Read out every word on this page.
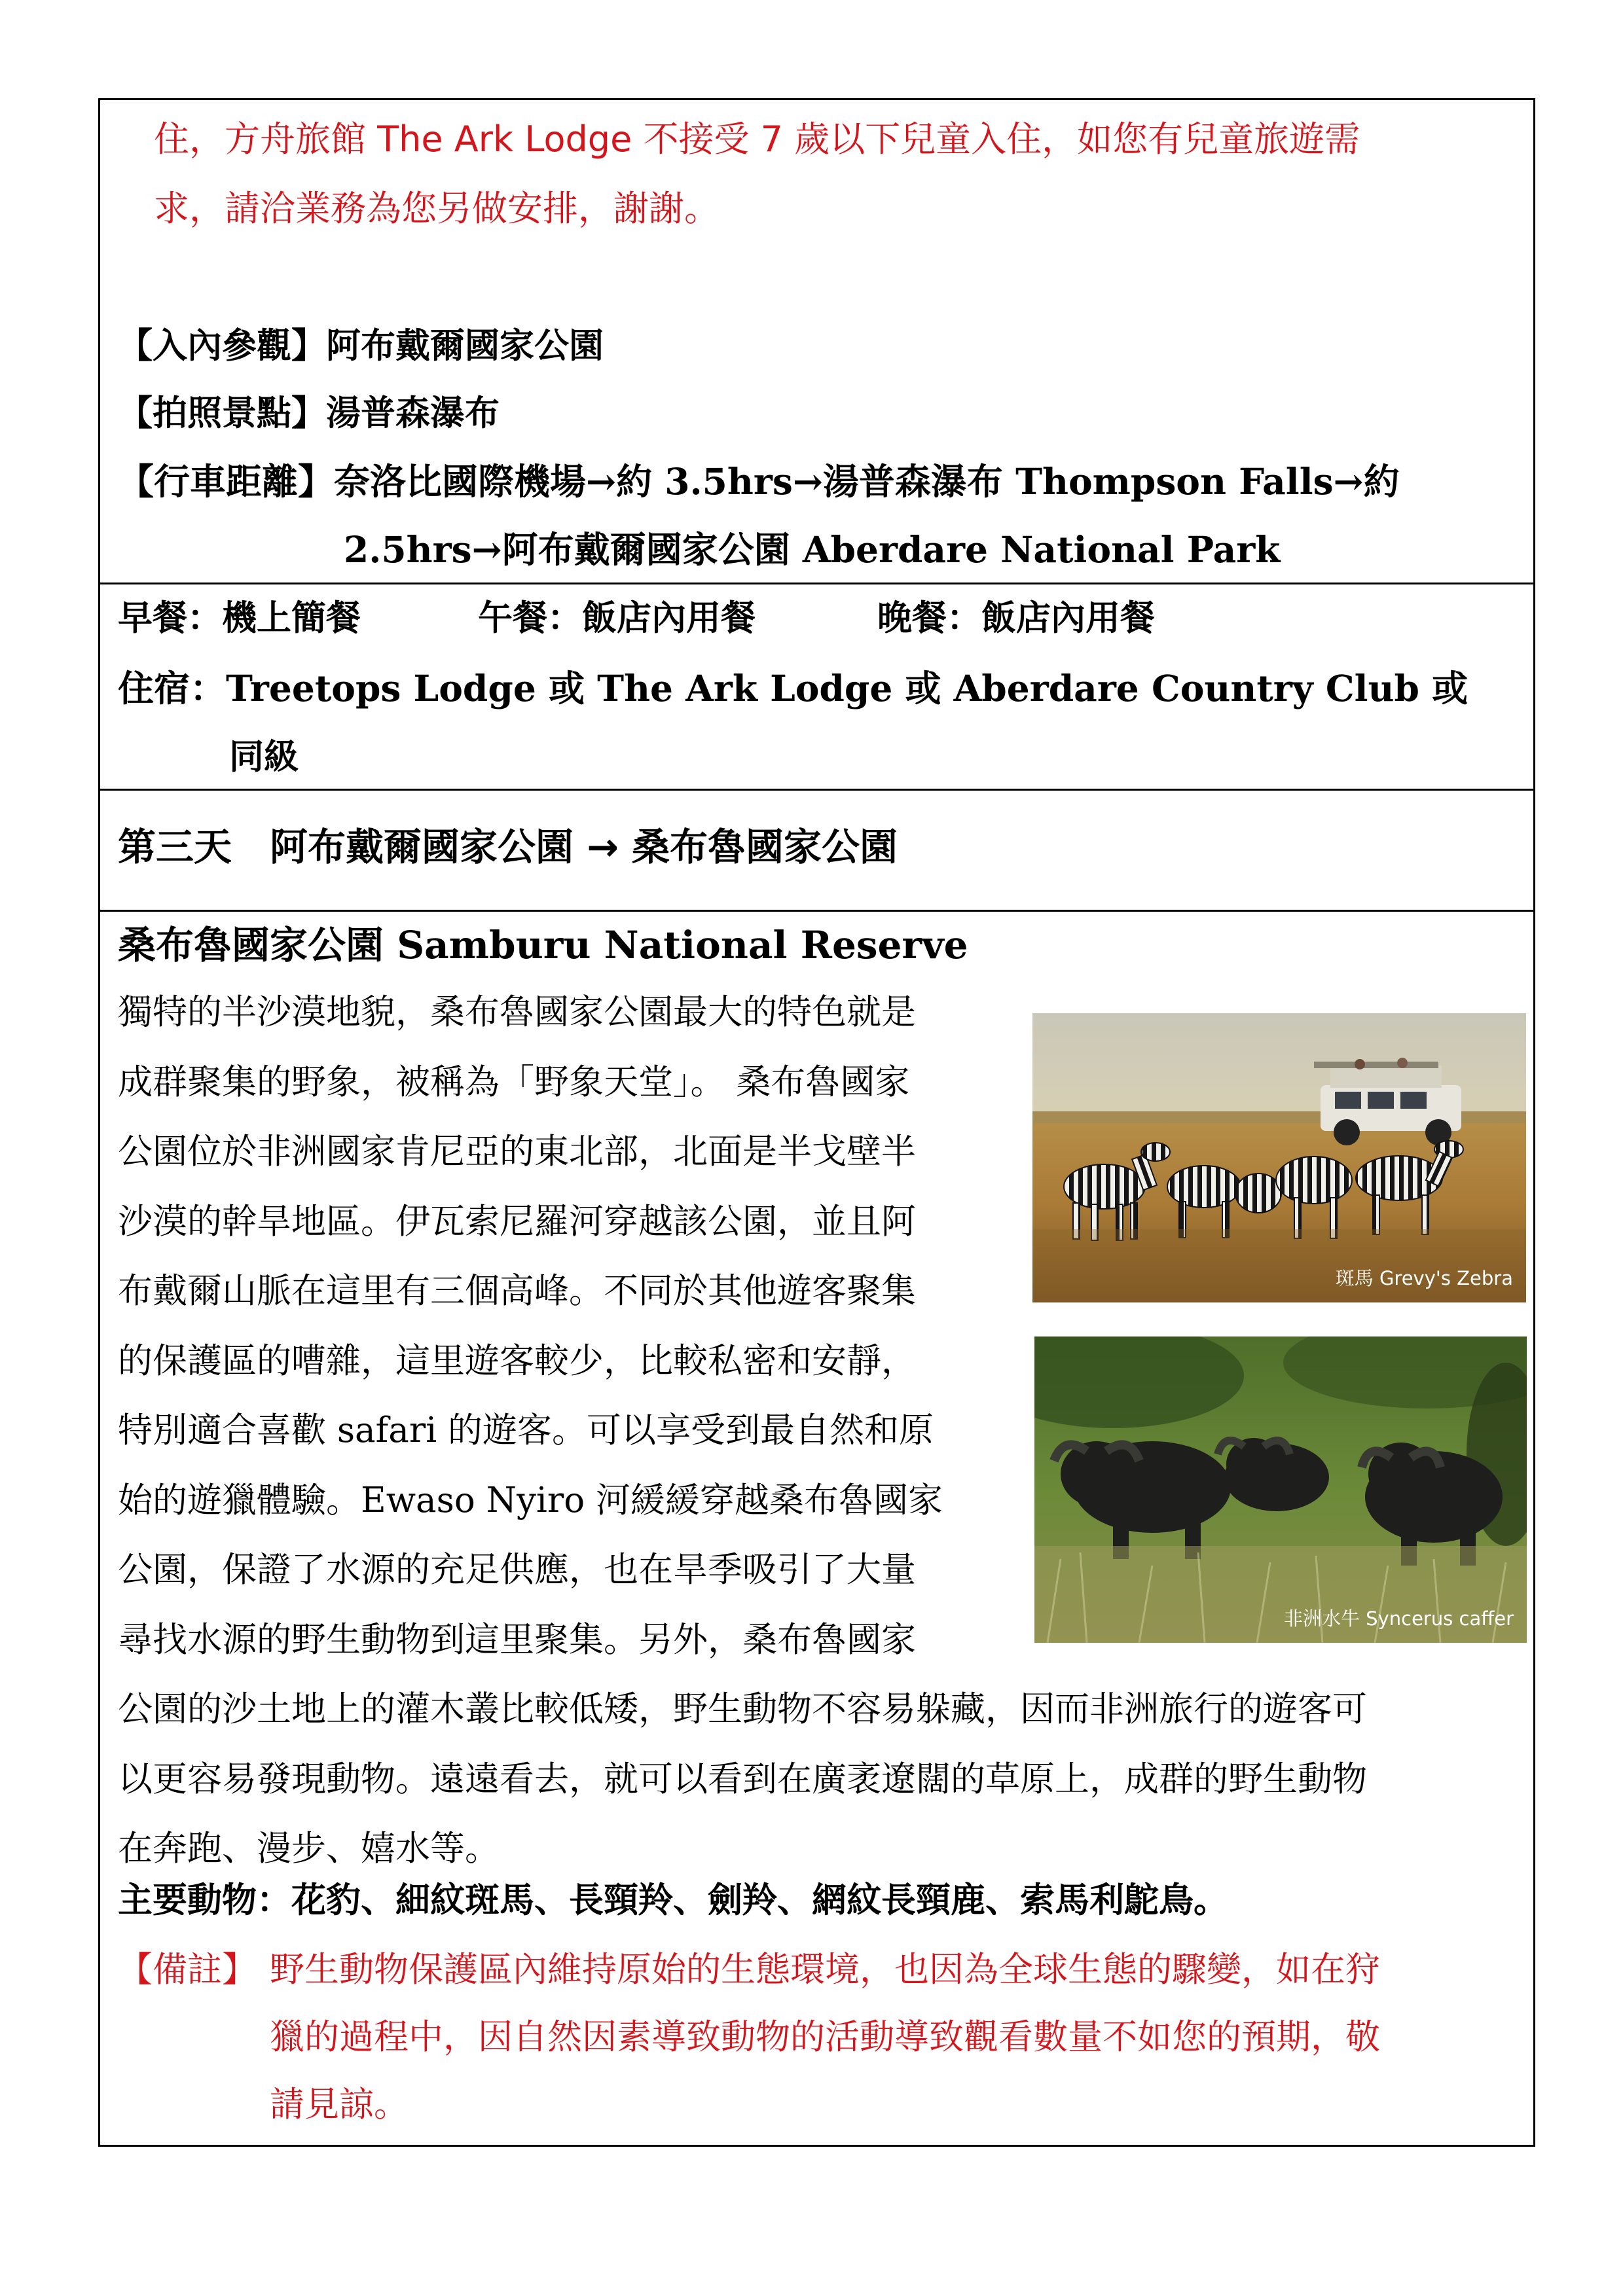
住，方舟旅館 The Ark Lodge 不接受 7 歲以下兒童入住，如您有兒童旅遊需
求，請洽業務為您另做安排，謝謝。
【入內參觀】阿布戴爾國家公園
【拍照景點】湯普森瀑布
【行車距離】奈洛比國際機場→約 3.5hrs→湯普森瀑布 Thompson Falls→約
2.5hrs→阿布戴爾國家公園 Aberdare National Park
早餐：機上簡餐	午餐：飯店內用餐	晚餐：飯店內用餐
住宿：Treetops Lodge 或 The Ark Lodge 或 Aberdare Country Club 或
同級
第三天　阿布戴爾國家公園 → 桑布魯國家公園
桑布魯國家公園 Samburu National Reserve
獨特的半沙漠地貌，桑布魯國家公園最大的特色就是
成群聚集的野象，被稱為「野象天堂」。 桑布魯國家
公園位於非洲國家肯尼亞的東北部，北面是半戈壁半
沙漠的幹旱地區。伊瓦索尼羅河穿越該公園，並且阿
布戴爾山脈在這里有三個高峰。不同於其他遊客聚集
的保護區的嘈雜，這里遊客較少，比較私密和安靜，
特別適合喜歡 safari 的遊客。可以享受到最自然和原
始的遊獵體驗。Ewaso Nyiro 河緩緩穿越桑布魯國家
公園，保證了水源的充足供應，也在旱季吸引了大量
尋找水源的野生動物到這里聚集。另外，桑布魯國家
公園的沙土地上的灌木叢比較低矮，野生動物不容易躲藏，因而非洲旅行的遊客可
以更容易發現動物。遠遠看去，就可以看到在廣袤遼闊的草原上，成群的野生動物
在奔跑、漫步、嬉水等。
主要動物：花豹、細紋斑馬、長頸羚、劍羚、網紋長頸鹿、索馬利鴕鳥。
【備註】 野生動物保護區內維持原始的生態環境，也因為全球生態的驟變，如在狩
獵的過程中，因自然因素導致動物的活動導致觀看數量不如您的預期，敬
請見諒。
斑馬 Grevy's Zebra
非洲水牛 Syncerus caffer
